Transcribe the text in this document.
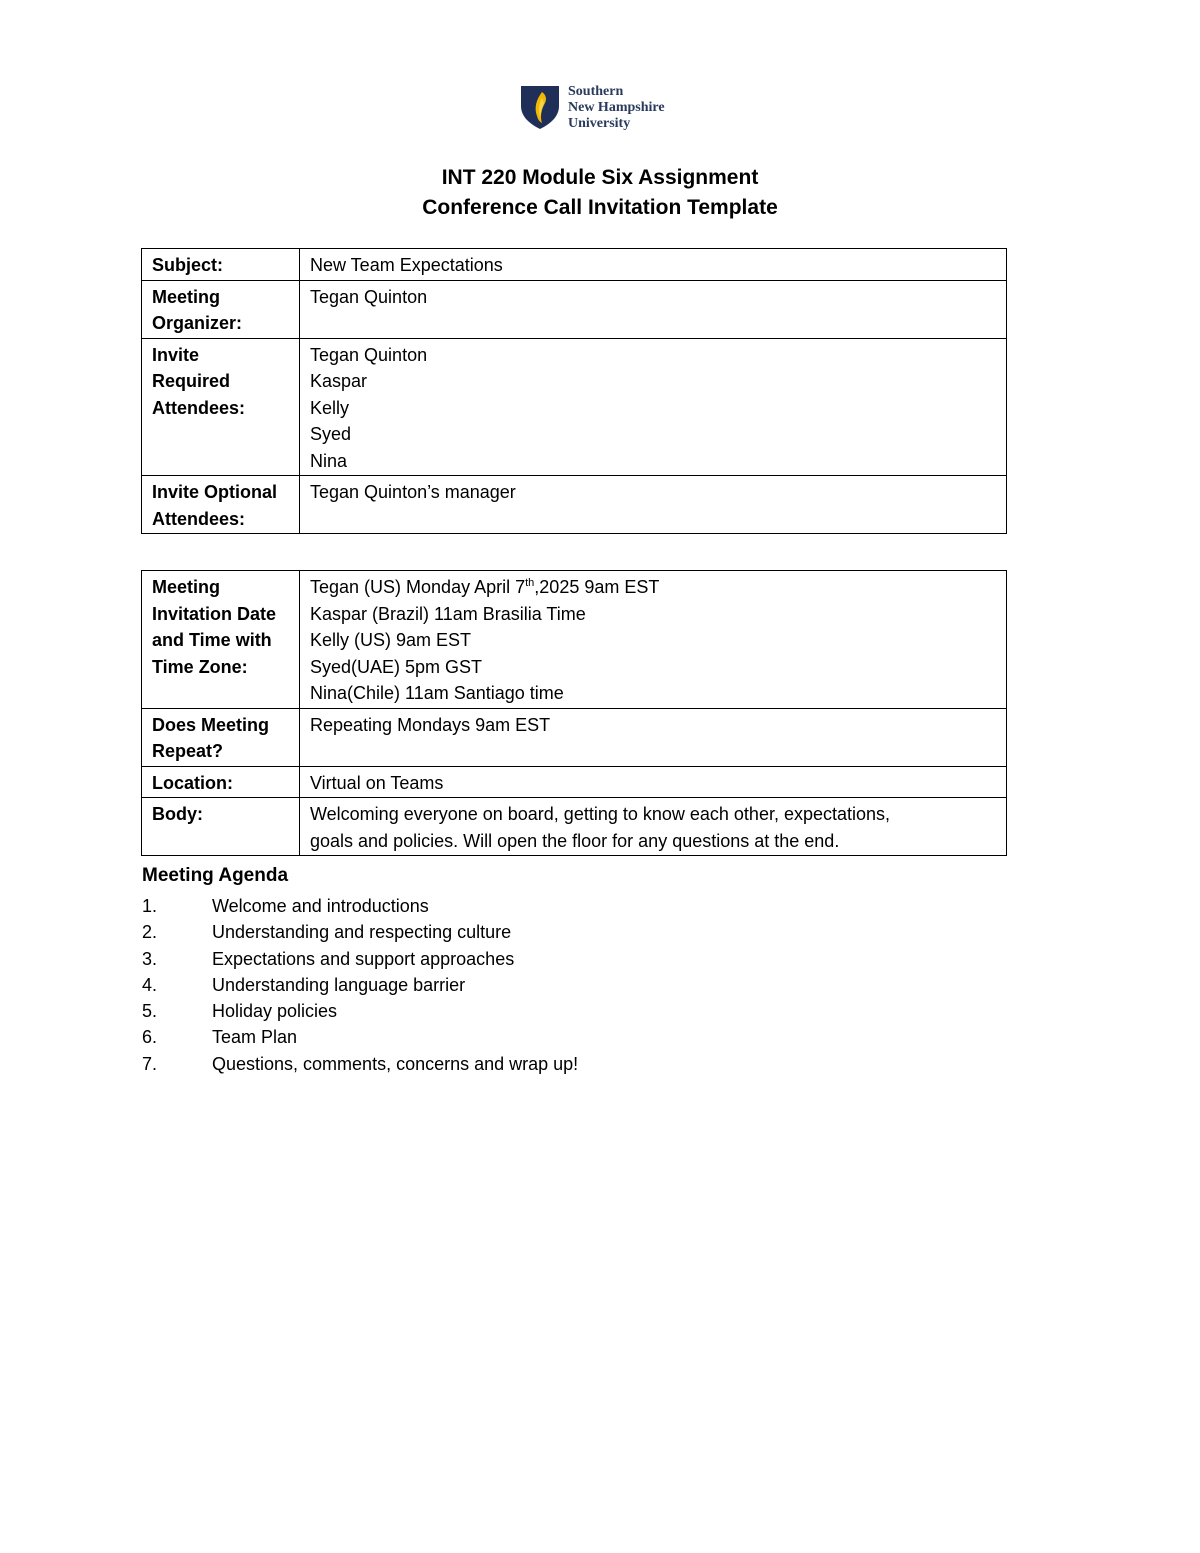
Southern
New Hampshire
University
INT 220 Module Six Assignment
Conference Call Invitation Template
Subject:	New Team Expectations

Meeting
Organizer:	Tegan Quinton

Invite
Required
Attendees:	Tegan Quinton
Kaspar
Kelly
Syed
Nina

Invite Optional
Attendees:	Tegan Quinton’s manager
Meeting
Invitation Date
and Time with
Time Zone:	Tegan (US) Monday April 7th,2025 9am EST
Kaspar (Brazil) 11am Brasilia Time
Kelly (US) 9am EST
Syed(UAE) 5pm GST
Nina(Chile) 11am Santiago time

Does Meeting
Repeat?	Repeating Mondays 9am EST

Location:	Virtual on Teams

Body:	Welcoming everyone on board, getting to know each other, expectations,
goals and policies. Will open the floor for any questions at the end.
Meeting Agenda
1.	Welcome and introductions
2.	Understanding and respecting culture
3.	Expectations and support approaches
4.	Understanding language barrier
5.	Holiday policies
6.	Team Plan
7.	Questions, comments, concerns and wrap up!
